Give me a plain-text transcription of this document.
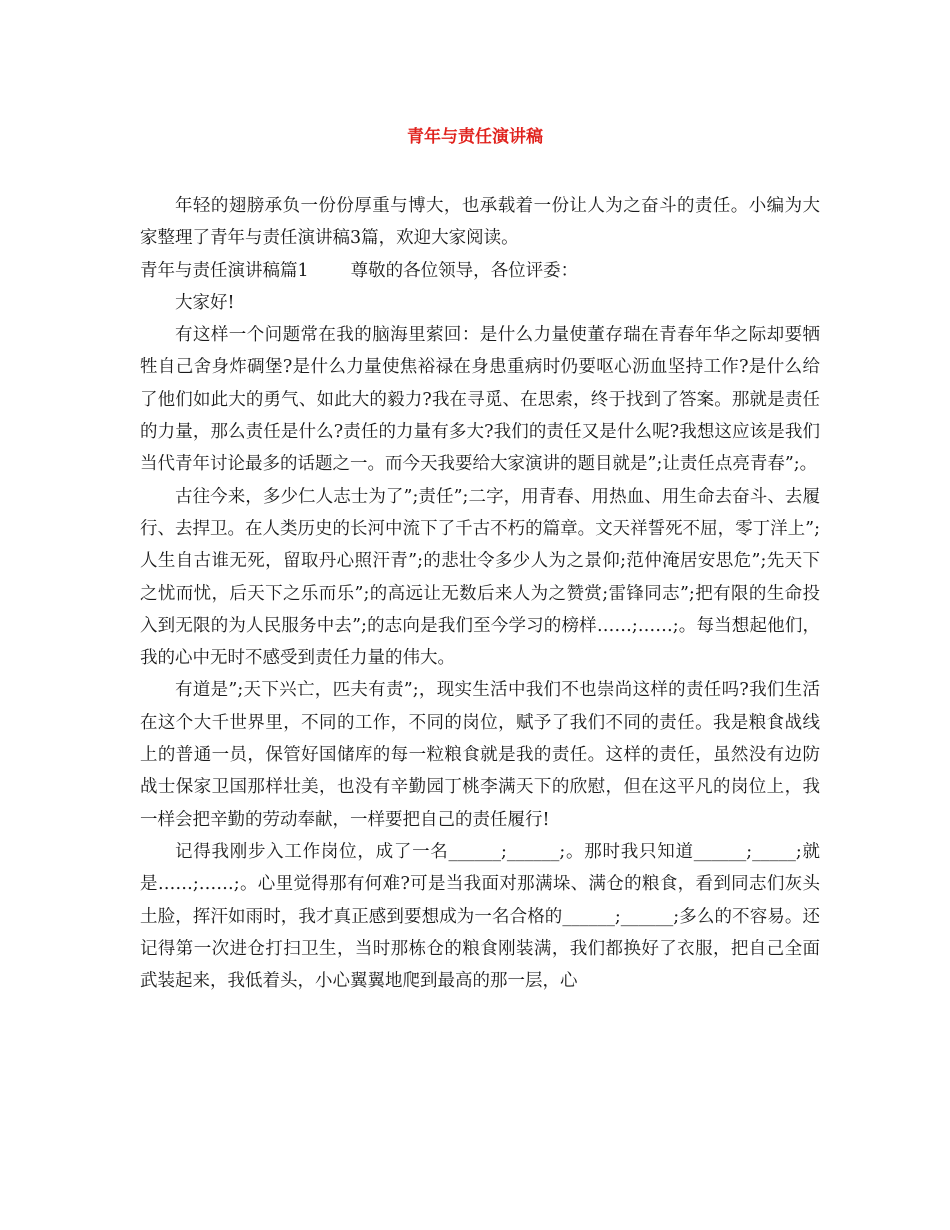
青年与责任演讲稿

年轻的翅膀承负一份份厚重与博大，也承载着一份让人为之奋斗的责任。小编为大家整理了青年与责任演讲稿3篇，欢迎大家阅读。

青年与责任演讲稿篇1 尊敬的各位领导，各位评委：

大家好!

有这样一个问题常在我的脑海里萦回：是什么力量使董存瑞在青春年华之际却要牺牲自己舍身炸碉堡?是什么力量使焦裕禄在身患重病时仍要呕心沥血坚持工作?是什么给了他们如此大的勇气、如此大的毅力?我在寻觅、在思索，终于找到了答案。那就是责任的力量，那么责任是什么?责任的力量有多大?我们的责任又是什么呢?我想这应该是我们当代青年讨论最多的话题之一。而今天我要给大家演讲的题目就是”;让责任点亮青春”;。

古往今来，多少仁人志士为了”;责任”;二字，用青春、用热血、用生命去奋斗、去履行、去捍卫。在人类历史的长河中流下了千古不朽的篇章。文天祥誓死不屈，零丁洋上”;人生自古谁无死，留取丹心照汗青”;的悲壮令多少人为之景仰;范仲淹居安思危”;先天下之忧而忧，后天下之乐而乐”;的高远让无数后来人为之赞赏;雷锋同志”;把有限的生命投入到无限的为人民服务中去”;的志向是我们至今学习的榜样……;……;。每当想起他们，我的心中无时不感受到责任力量的伟大。

有道是”;天下兴亡，匹夫有责”;，现实生活中我们不也崇尚这样的责任吗?我们生活在这个大千世界里，不同的工作，不同的岗位，赋予了我们不同的责任。我是粮食战线上的普通一员，保管好国储库的每一粒粮食就是我的责任。这样的责任，虽然没有边防战士保家卫国那样壮美，也没有辛勤园丁桃李满天下的欣慰，但在这平凡的岗位上，我一样会把辛勤的劳动奉献，一样要把自己的责任履行!

记得我刚步入工作岗位，成了一名______;______;。那时我只知道______;_____;就是……;……;。心里觉得那有何难?可是当我面对那满垛、满仓的粮食，看到同志们灰头土脸，挥汗如雨时，我才真正感到要想成为一名合格的______;______;多么的不容易。还记得第一次进仓打扫卫生，当时那栋仓的粮食刚装满，我们都换好了衣服，把自己全面武装起来，我低着头，小心翼翼地爬到最高的那一层，心
